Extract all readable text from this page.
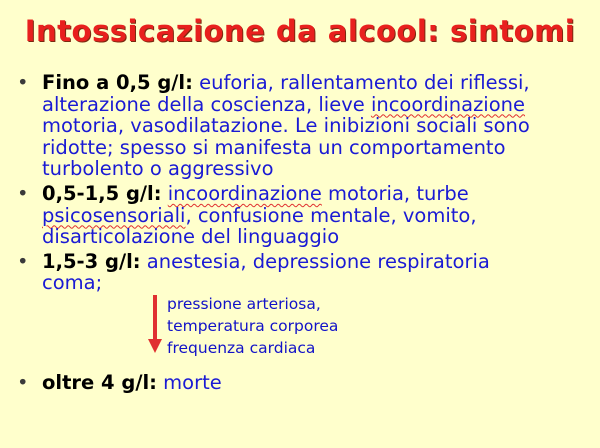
Intossicazione da alcool: sintomi
• Fino a 0,5 g/l: euforia, rallentamento dei riflessi, alterazione della coscienza, lieve incoordinazione motoria, vasodilatazione. Le inibizioni sociali sono ridotte; spesso si manifesta un comportamento turbolento o aggressivo
• 0,5-1,5 g/l: incoordinazione motoria, turbe psicosensoriali, confusione mentale, vomito, disarticolazione del linguaggio
• 1,5-3 g/l: anestesia, depressione respiratoria
coma;
pressione arteriosa,
temperatura corporea
frequenza cardiaca
• oltre 4 g/l: morte
